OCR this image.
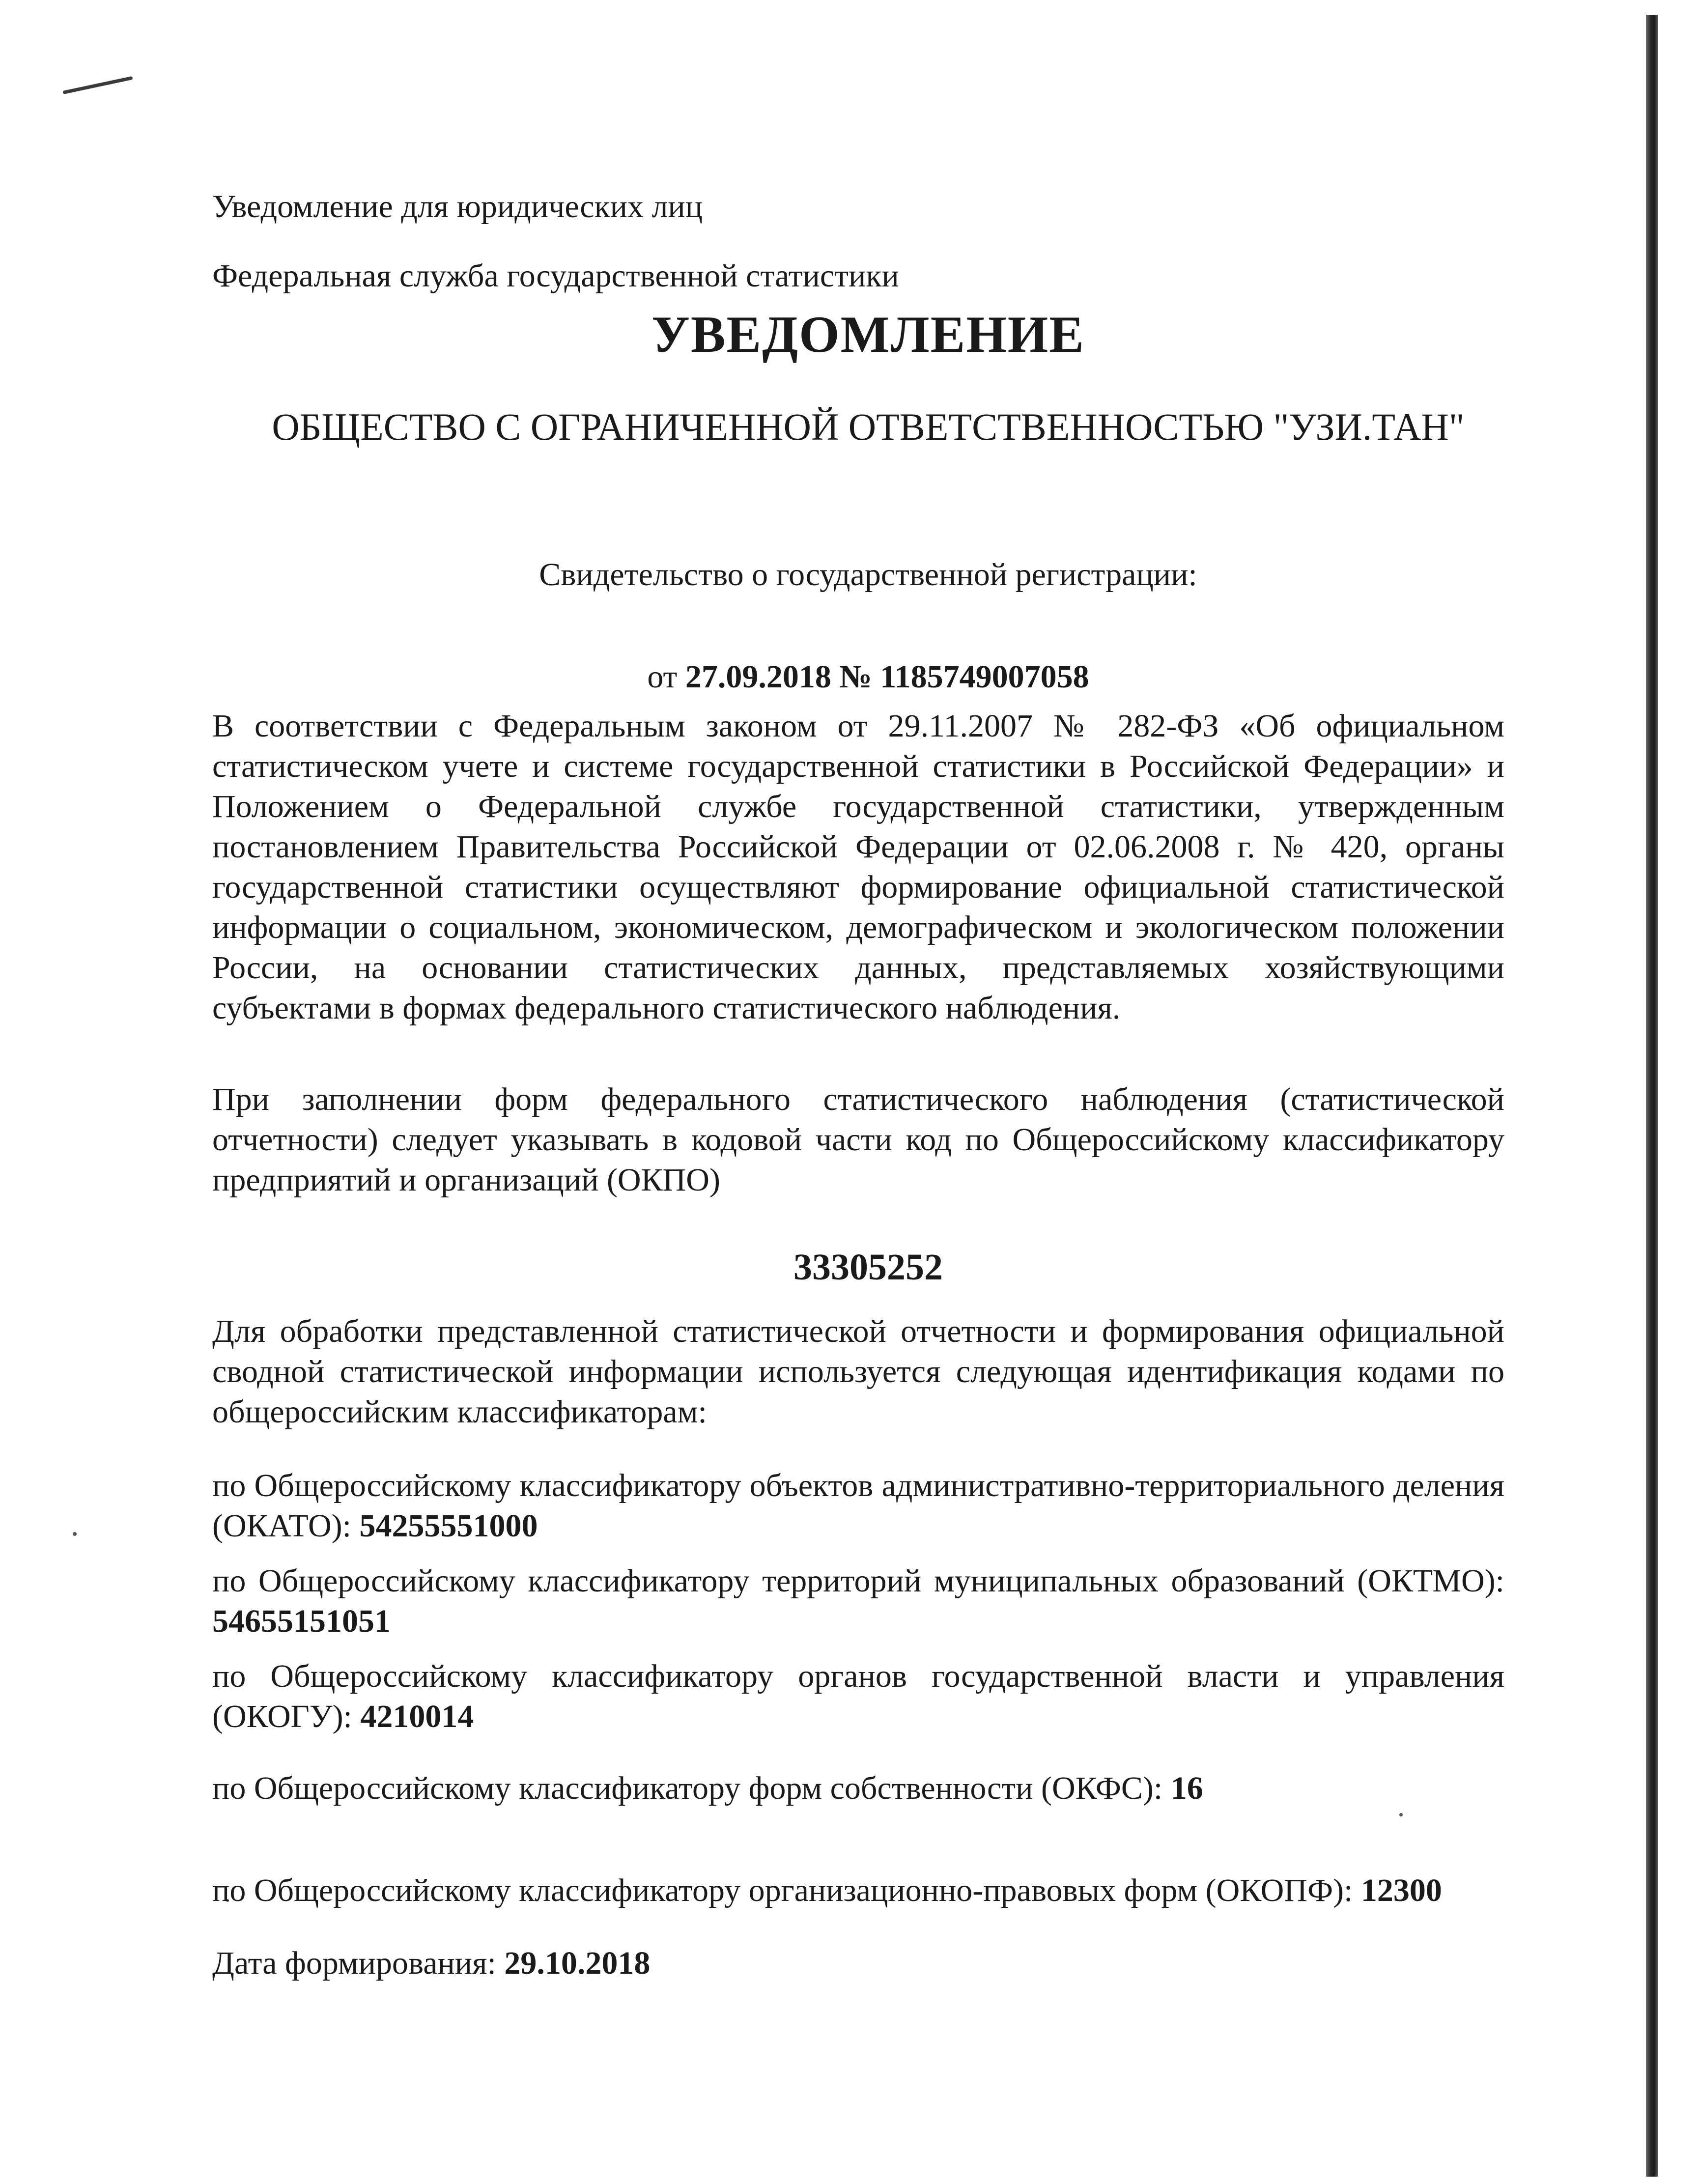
Уведомление для юридических лиц

Федеральная служба государственной статистики

УВЕДОМЛЕНИЕ

ОБЩЕСТВО С ОГРАНИЧЕННОЙ ОТВЕТСТВЕННОСТЬЮ "УЗИ.ТАН"

Свидетельство о государственной регистрации:

от 27.09.2018 № 1185749007058

В соответствии с Федеральным законом от 29.11.2007 № 282-ФЗ «Об официальном статистическом учете и системе государственной статистики в Российской Федерации» и Положением о Федеральной службе государственной статистики, утвержденным постановлением Правительства Российской Федерации от 02.06.2008 г. № 420, органы государственной статистики осуществляют формирование официальной статистической информации о социальном, экономическом, демографическом и экологическом положении России, на основании статистических данных, представляемых хозяйствующими субъектами в формах федерального статистического наблюдения.

При заполнении форм федерального статистического наблюдения (статистической отчетности) следует указывать в кодовой части код по Общероссийскому классификатору предприятий и организаций (ОКПО)

33305252

Для обработки представленной статистической отчетности и формирования официальной сводной статистической информации используется следующая идентификация кодами по общероссийским классификаторам:

по Общероссийскому классификатору объектов административно-территориального деления (ОКАТО): 54255551000

по Общероссийскому классификатору территорий муниципальных образований (ОКТМО): 54655151051

по Общероссийскому классификатору органов государственной власти и управления (ОКОГУ): 4210014

по Общероссийскому классификатору форм собственности (ОКФС): 16

по Общероссийскому классификатору организационно-правовых форм (ОКОПФ): 12300

Дата формирования: 29.10.2018
